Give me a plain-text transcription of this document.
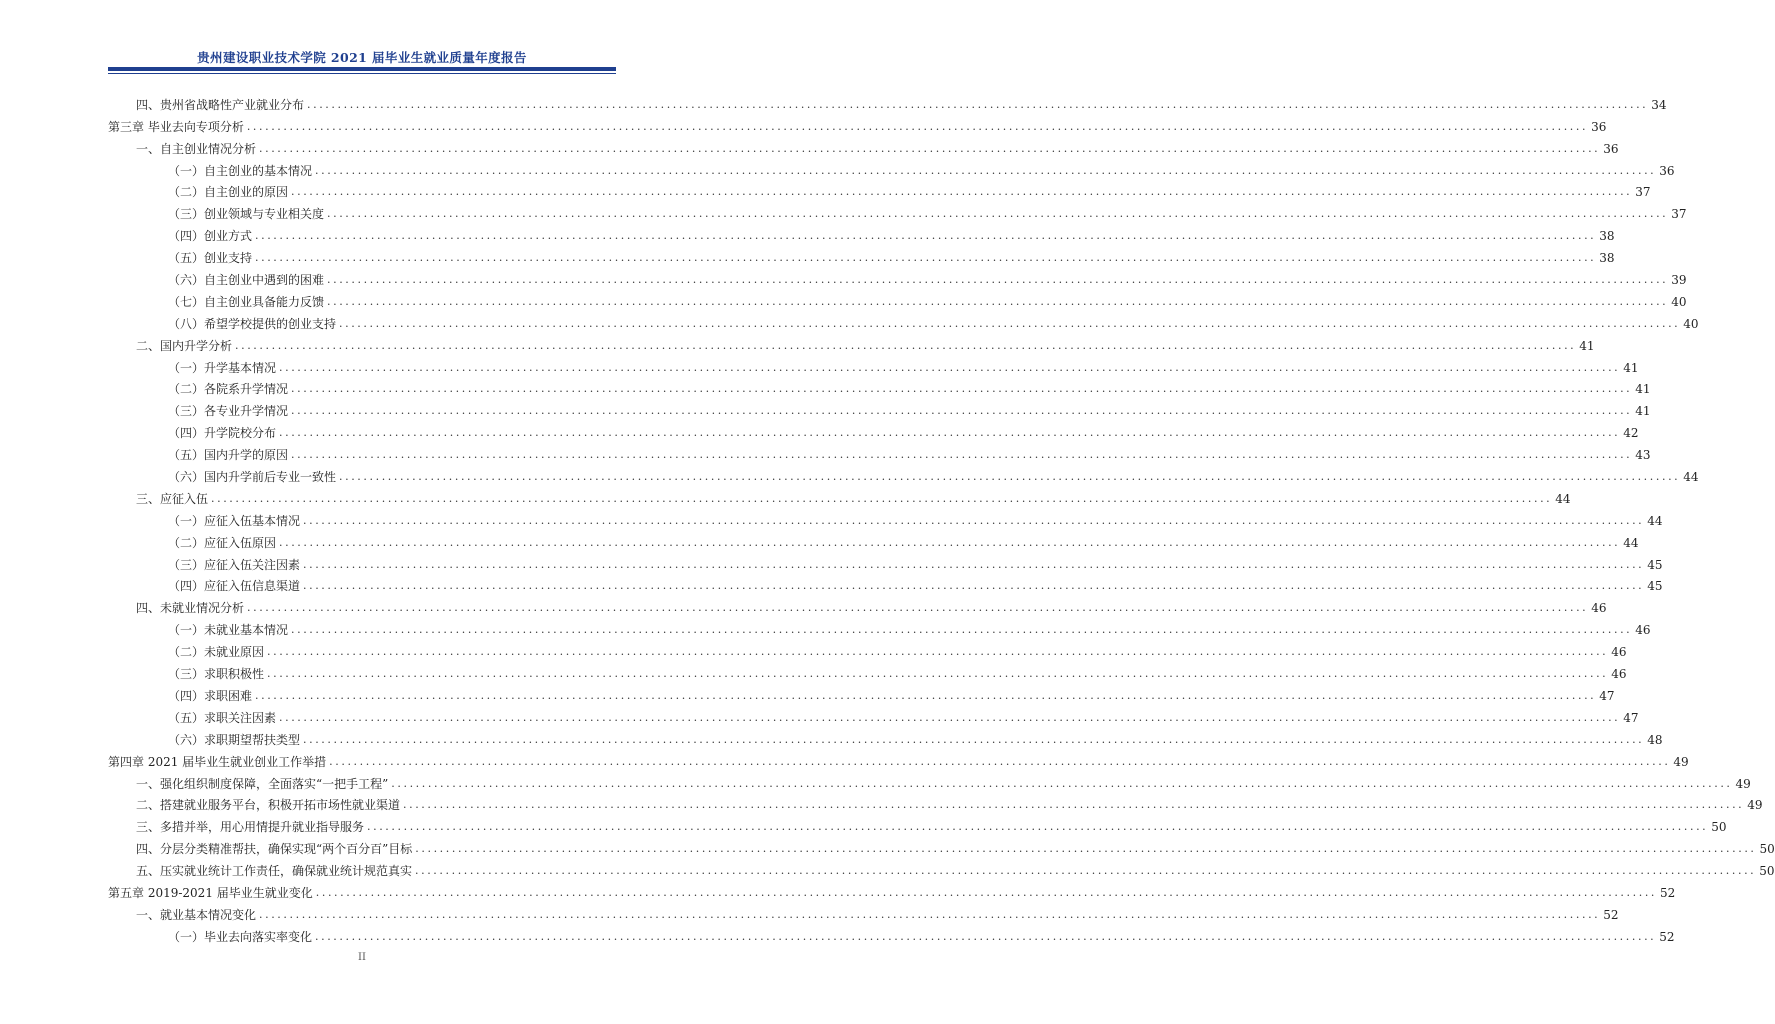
贵州建设职业技术学院 2021 届毕业生就业质量年度报告
四、贵州省战略性产业就业分布 ............................................................................................................................................................................................................................ 34
第三章 毕业去向专项分析 ............................................................................................................................................................................................................................ 36
一、自主创业情况分析 ............................................................................................................................................................................................................................ 36
（一）自主创业的基本情况 ............................................................................................................................................................................................................................ 36
（二）自主创业的原因 ............................................................................................................................................................................................................................ 37
（三）创业领域与专业相关度 ............................................................................................................................................................................................................................ 37
（四）创业方式 ............................................................................................................................................................................................................................ 38
（五）创业支持 ............................................................................................................................................................................................................................ 38
（六）自主创业中遇到的困难 ............................................................................................................................................................................................................................ 39
（七）自主创业具备能力反馈 ............................................................................................................................................................................................................................ 40
（八）希望学校提供的创业支持 ............................................................................................................................................................................................................................ 40
二、国内升学分析 ............................................................................................................................................................................................................................ 41
（一）升学基本情况 ............................................................................................................................................................................................................................ 41
（二）各院系升学情况 ............................................................................................................................................................................................................................ 41
（三）各专业升学情况 ............................................................................................................................................................................................................................ 41
（四）升学院校分布 ............................................................................................................................................................................................................................ 42
（五）国内升学的原因 ............................................................................................................................................................................................................................ 43
（六）国内升学前后专业一致性 ............................................................................................................................................................................................................................ 44
三、应征入伍 ............................................................................................................................................................................................................................ 44
（一）应征入伍基本情况 ............................................................................................................................................................................................................................ 44
（二）应征入伍原因 ............................................................................................................................................................................................................................ 44
（三）应征入伍关注因素 ............................................................................................................................................................................................................................ 45
（四）应征入伍信息渠道 ............................................................................................................................................................................................................................ 45
四、未就业情况分析 ............................................................................................................................................................................................................................ 46
（一）未就业基本情况 ............................................................................................................................................................................................................................ 46
（二）未就业原因 ............................................................................................................................................................................................................................ 46
（三）求职积极性 ............................................................................................................................................................................................................................ 46
（四）求职困难 ............................................................................................................................................................................................................................ 47
（五）求职关注因素 ............................................................................................................................................................................................................................ 47
（六）求职期望帮扶类型 ............................................................................................................................................................................................................................ 48
第四章 2021 届毕业生就业创业工作举措 ............................................................................................................................................................................................................................ 49
一、强化组织制度保障，全面落实“一把手工程” ............................................................................................................................................................................................................................ 49
二、搭建就业服务平台，积极开拓市场性就业渠道 ............................................................................................................................................................................................................................ 49
三、多措并举，用心用情提升就业指导服务 ............................................................................................................................................................................................................................ 50
四、分层分类精准帮扶，确保实现“两个百分百”目标 ............................................................................................................................................................................................................................ 50
五、压实就业统计工作责任，确保就业统计规范真实 ............................................................................................................................................................................................................................ 50
第五章 2019-2021 届毕业生就业变化 ............................................................................................................................................................................................................................ 52
一、就业基本情况变化 ............................................................................................................................................................................................................................ 52
（一）毕业去向落实率变化 ............................................................................................................................................................................................................................ 52
II
